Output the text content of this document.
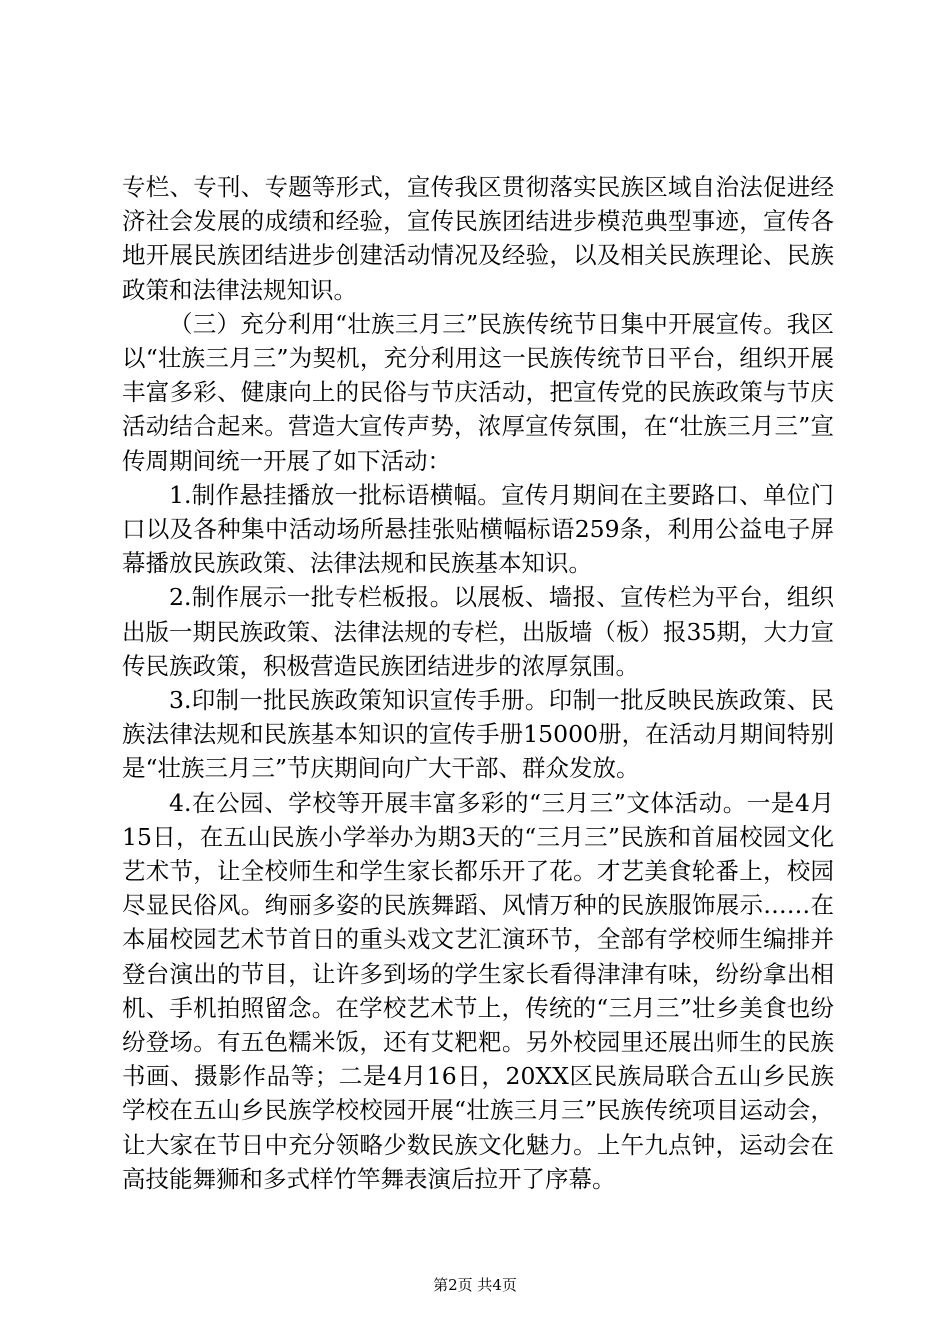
专栏、专刊、专题等形式，宣传我区贯彻落实民族区域自治法促进经济社会发展的成绩和经验，宣传民族团结进步模范典型事迹，宣传各地开展民族团结进步创建活动情况及经验，以及相关民族理论、民族政策和法律法规知识。

（三）充分利用“壮族三月三”民族传统节日集中开展宣传。我区以“壮族三月三”为契机，充分利用这一民族传统节日平台，组织开展丰富多彩、健康向上的民俗与节庆活动，把宣传党的民族政策与节庆活动结合起来。营造大宣传声势，浓厚宣传氛围，在“壮族三月三”宣传周期间统一开展了如下活动：

1.制作悬挂播放一批标语横幅。宣传月期间在主要路口、单位门口以及各种集中活动场所悬挂张贴横幅标语259条，利用公益电子屏幕播放民族政策、法律法规和民族基本知识。

2.制作展示一批专栏板报。以展板、墙报、宣传栏为平台，组织出版一期民族政策、法律法规的专栏，出版墙（板）报35期，大力宣传民族政策，积极营造民族团结进步的浓厚氛围。

3.印制一批民族政策知识宣传手册。印制一批反映民族政策、民族法律法规和民族基本知识的宣传手册15000册，在活动月期间特别是“壮族三月三”节庆期间向广大干部、群众发放。

4.在公园、学校等开展丰富多彩的“三月三”文体活动。一是4月15日，在五山民族小学举办为期3天的“三月三”民族和首届校园文化艺术节，让全校师生和学生家长都乐开了花。才艺美食轮番上，校园尽显民俗风。绚丽多姿的民族舞蹈、风情万种的民族服饰展示……在本届校园艺术节首日的重头戏文艺汇演环节，全部有学校师生编排并登台演出的节目，让许多到场的学生家长看得津津有味，纷纷拿出相机、手机拍照留念。在学校艺术节上，传统的“三月三”壮乡美食也纷纷登场。有五色糯米饭，还有艾粑粑。另外校园里还展出师生的民族书画、摄影作品等；二是4月16日，20XX区民族局联合五山乡民族学校在五山乡民族学校校园开展“壮族三月三”民族传统项目运动会，让大家在节日中充分领略少数民族文化魅力。上午九点钟，运动会在高技能舞狮和多式样竹竿舞表演后拉开了序幕。

第2页 共4页
